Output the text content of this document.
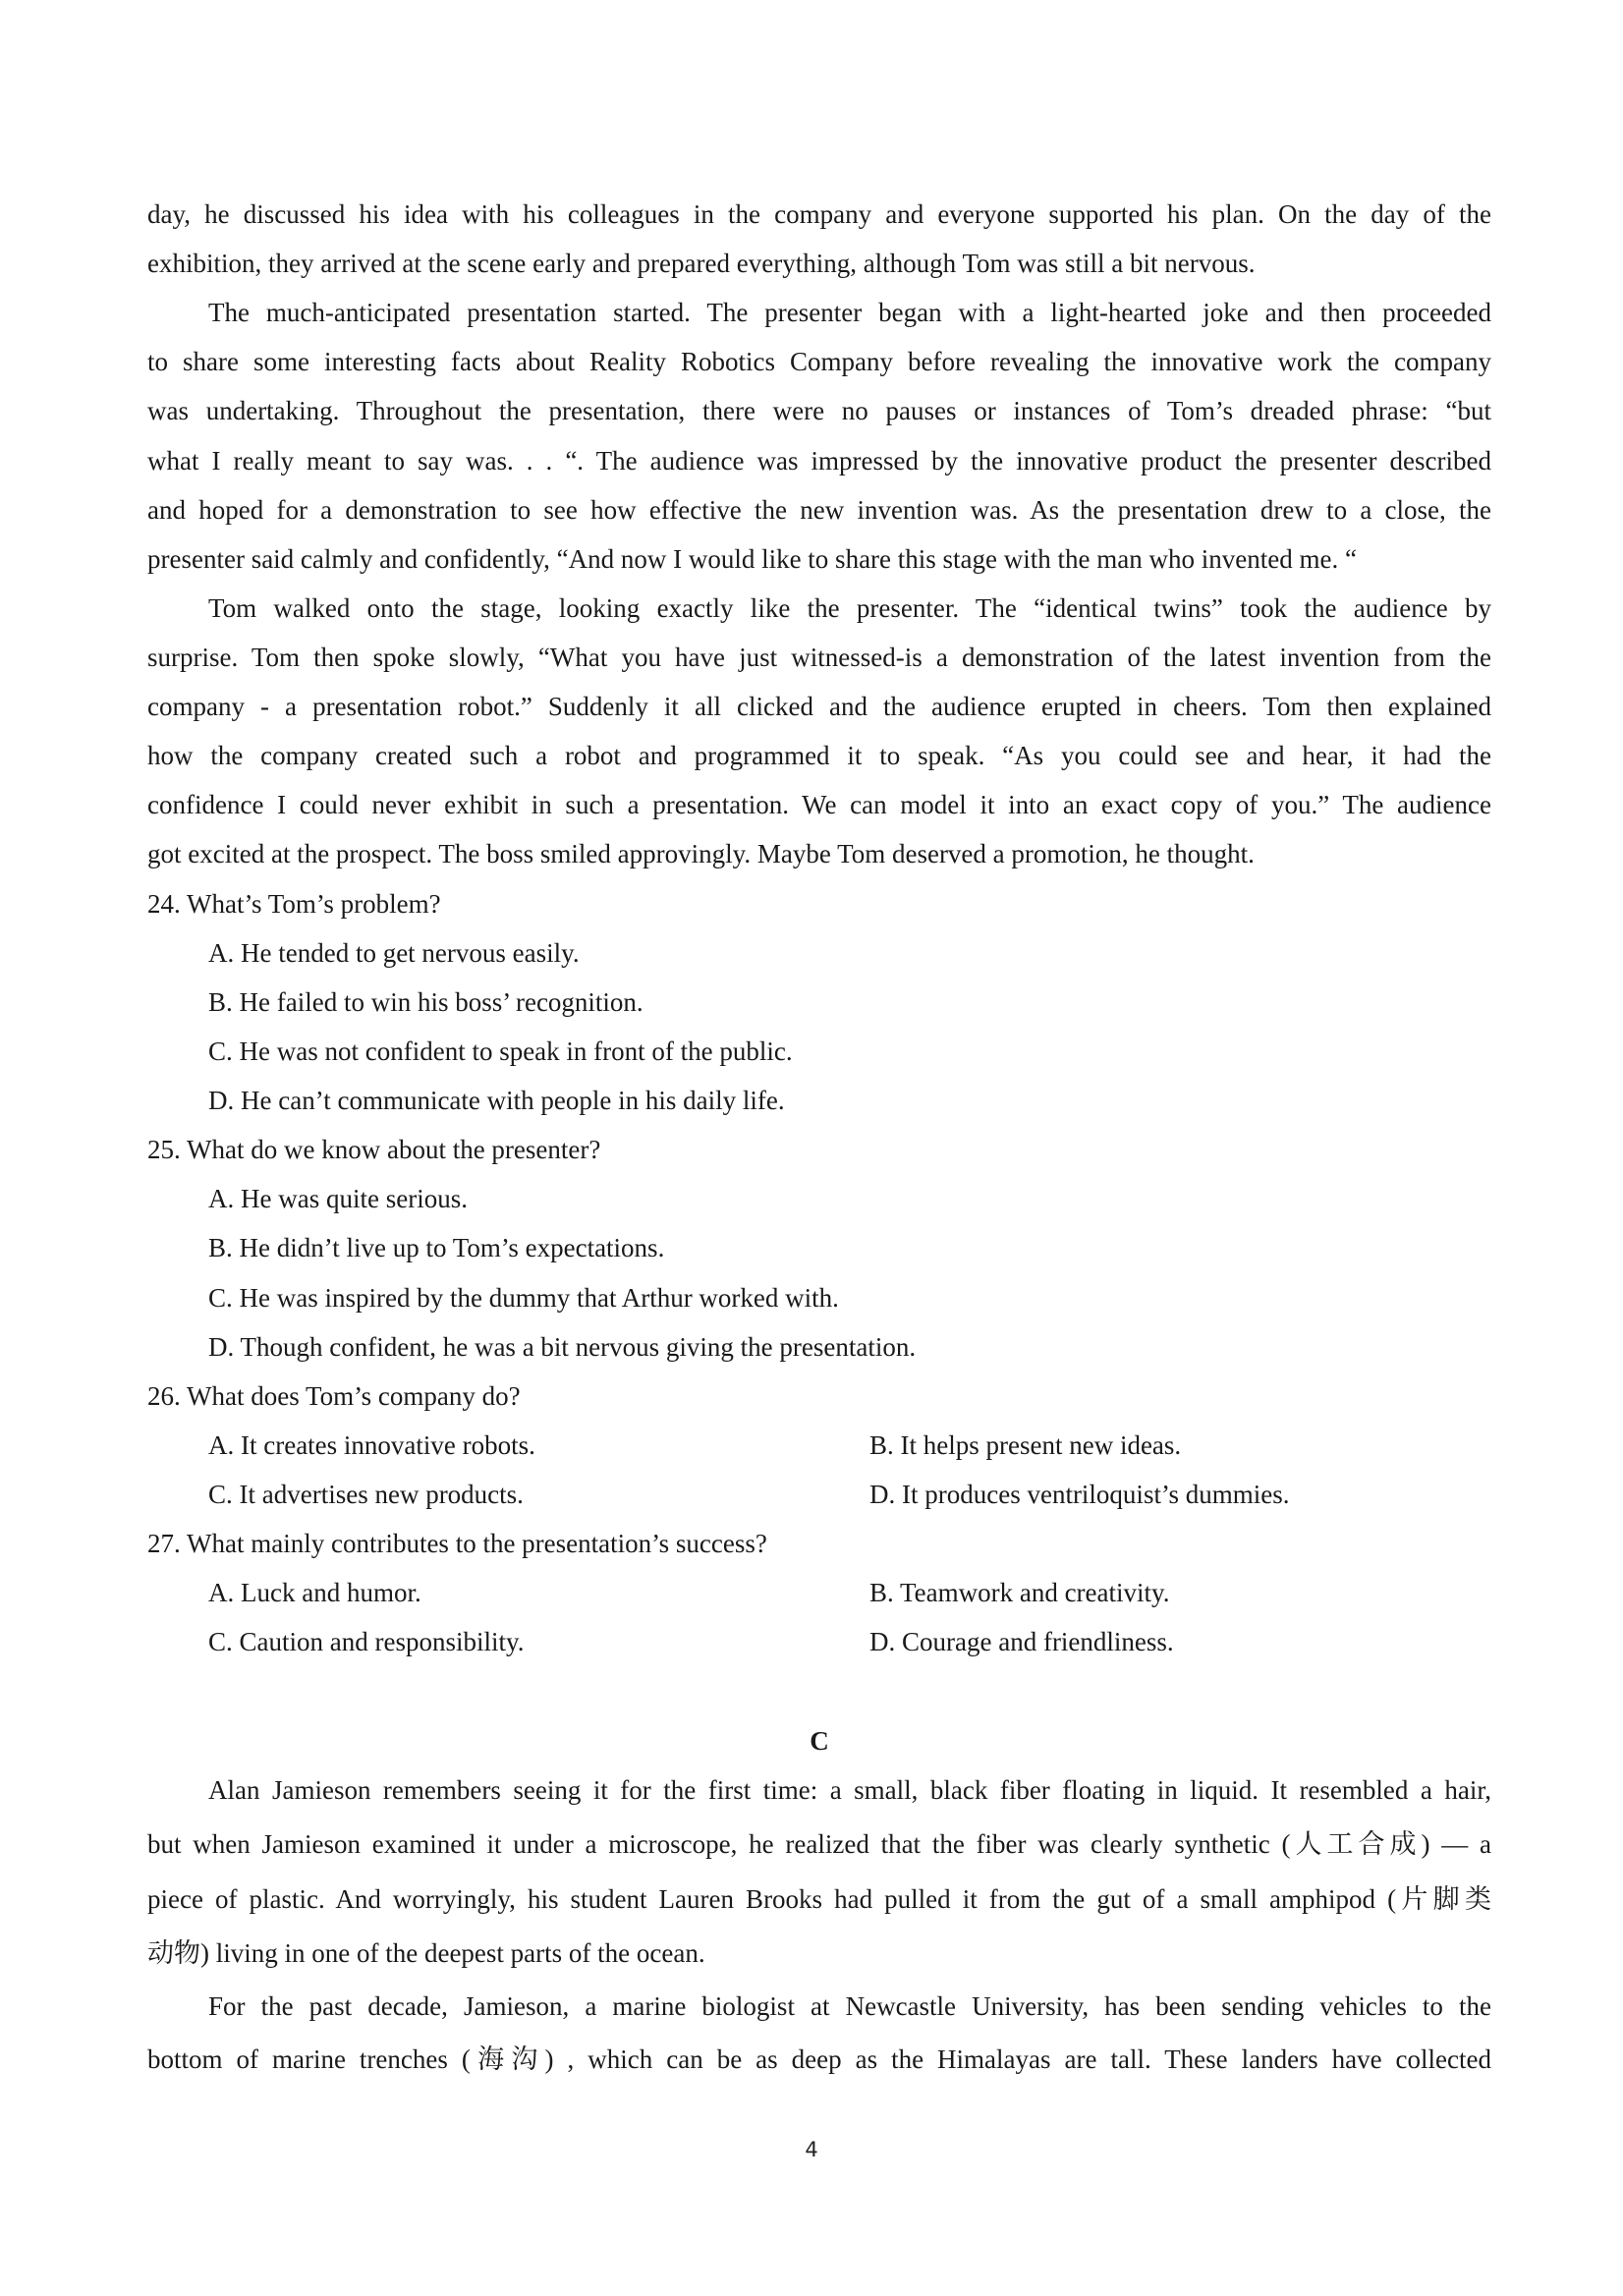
day, he discussed his idea with his colleagues in the company and everyone supported his plan. On the day of the
exhibition, they arrived at the scene early and prepared everything, although Tom was still a bit nervous.
The much-anticipated presentation started. The presenter began with a light-hearted joke and then proceeded
to share some interesting facts about Reality Robotics Company before revealing the innovative work the company
was undertaking. Throughout the presentation, there were no pauses or instances of Tom’s dreaded phrase: “but
what I really meant to say was. . . “. The audience was impressed by the innovative product the presenter described
and hoped for a demonstration to see how effective the new invention was. As the presentation drew to a close, the
presenter said calmly and confidently, “And now I would like to share this stage with the man who invented me. “
Tom walked onto the stage, looking exactly like the presenter. The “identical twins” took the audience by
surprise. Tom then spoke slowly, “What you have just witnessed-is a demonstration of the latest invention from the
company - a presentation robot.” Suddenly it all clicked and the audience erupted in cheers. Tom then explained
how the company created such a robot and programmed it to speak. “As you could see and hear, it had the
confidence I could never exhibit in such a presentation. We can model it into an exact copy of you.” The audience
got excited at the prospect. The boss smiled approvingly. Maybe Tom deserved a promotion, he thought.
24. What’s Tom’s problem?
A. He tended to get nervous easily.
B. He failed to win his boss’ recognition.
C. He was not confident to speak in front of the public.
D. He can’t communicate with people in his daily life.
25. What do we know about the presenter?
A. He was quite serious.
B. He didn’t live up to Tom’s expectations.
C. He was inspired by the dummy that Arthur worked with.
D. Though confident, he was a bit nervous giving the presentation.
26. What does Tom’s company do?
A. It creates innovative robots.	B. It helps present new ideas.
C. It advertises new products.	D. It produces ventriloquist’s dummies.
27. What mainly contributes to the presentation’s success?
A. Luck and humor.	B. Teamwork and creativity.
C. Caution and responsibility.	D. Courage and friendliness.
C
Alan Jamieson remembers seeing it for the first time: a small, black fiber floating in liquid. It resembled a hair,
but when Jamieson examined it under a microscope, he realized that the fiber was clearly synthetic (人工合成) — a
piece of plastic. And worryingly, his student Lauren Brooks had pulled it from the gut of a small amphipod (片脚类
动物) living in one of the deepest parts of the ocean.
For the past decade, Jamieson, a marine biologist at Newcastle University, has been sending vehicles to the
bottom of marine trenches (海沟) , which can be as deep as the Himalayas are tall. These landers have collected
4
